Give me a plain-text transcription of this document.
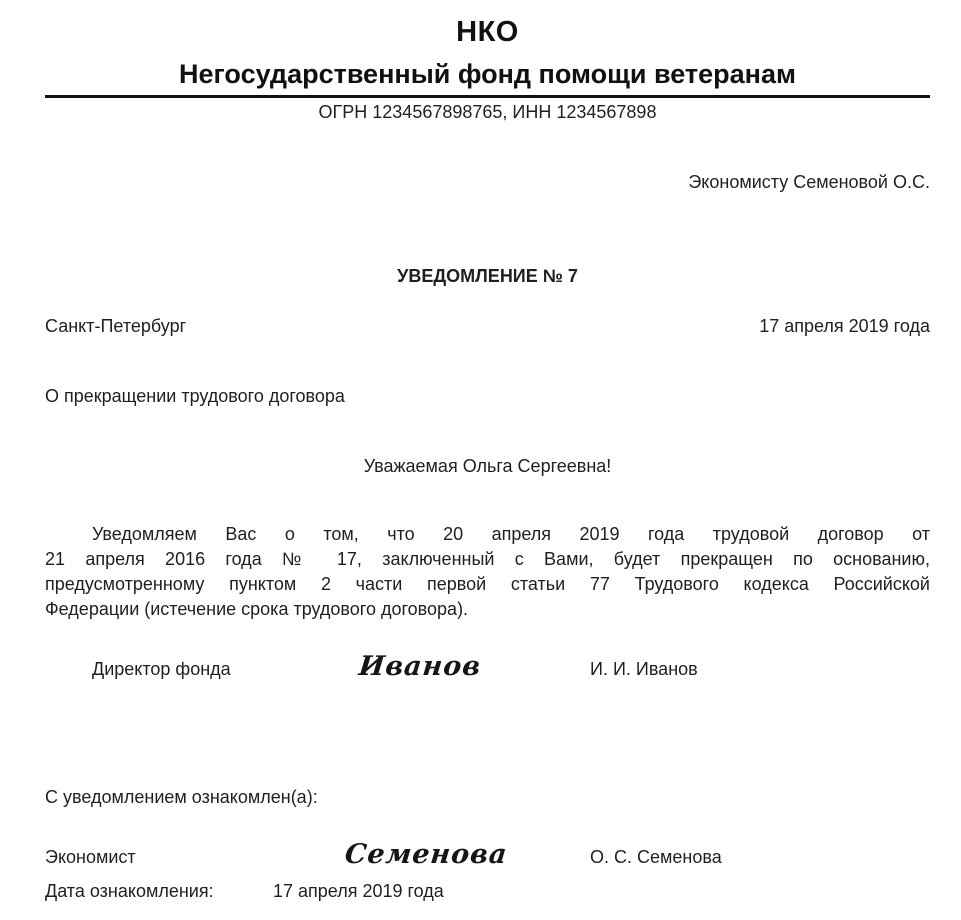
НКО
Негосударственный фонд помощи ветеранам
ОГРН 1234567898765, ИНН 1234567898
Экономисту Семеновой О.С.
УВЕДОМЛЕНИЕ № 7
Санкт-Петербург	17 апреля 2019 года
О прекращении трудового договора
Уважаемая Ольга Сергеевна!
Уведомляем Вас о том, что 20 апреля 2019 года трудовой договор от
21 апреля 2016 года № 17, заключенный с Вами, будет прекращен по основанию,
предусмотренному пунктом 2 части первой статьи 77 Трудового кодекса Российской
Федерации (истечение срока трудового договора).
Директор фонда	Иванов	И. И. Иванов
С уведомлением ознакомлен(а):
Экономист	Семенова	О. С. Семенова
Дата ознакомления:	17 апреля 2019 года
